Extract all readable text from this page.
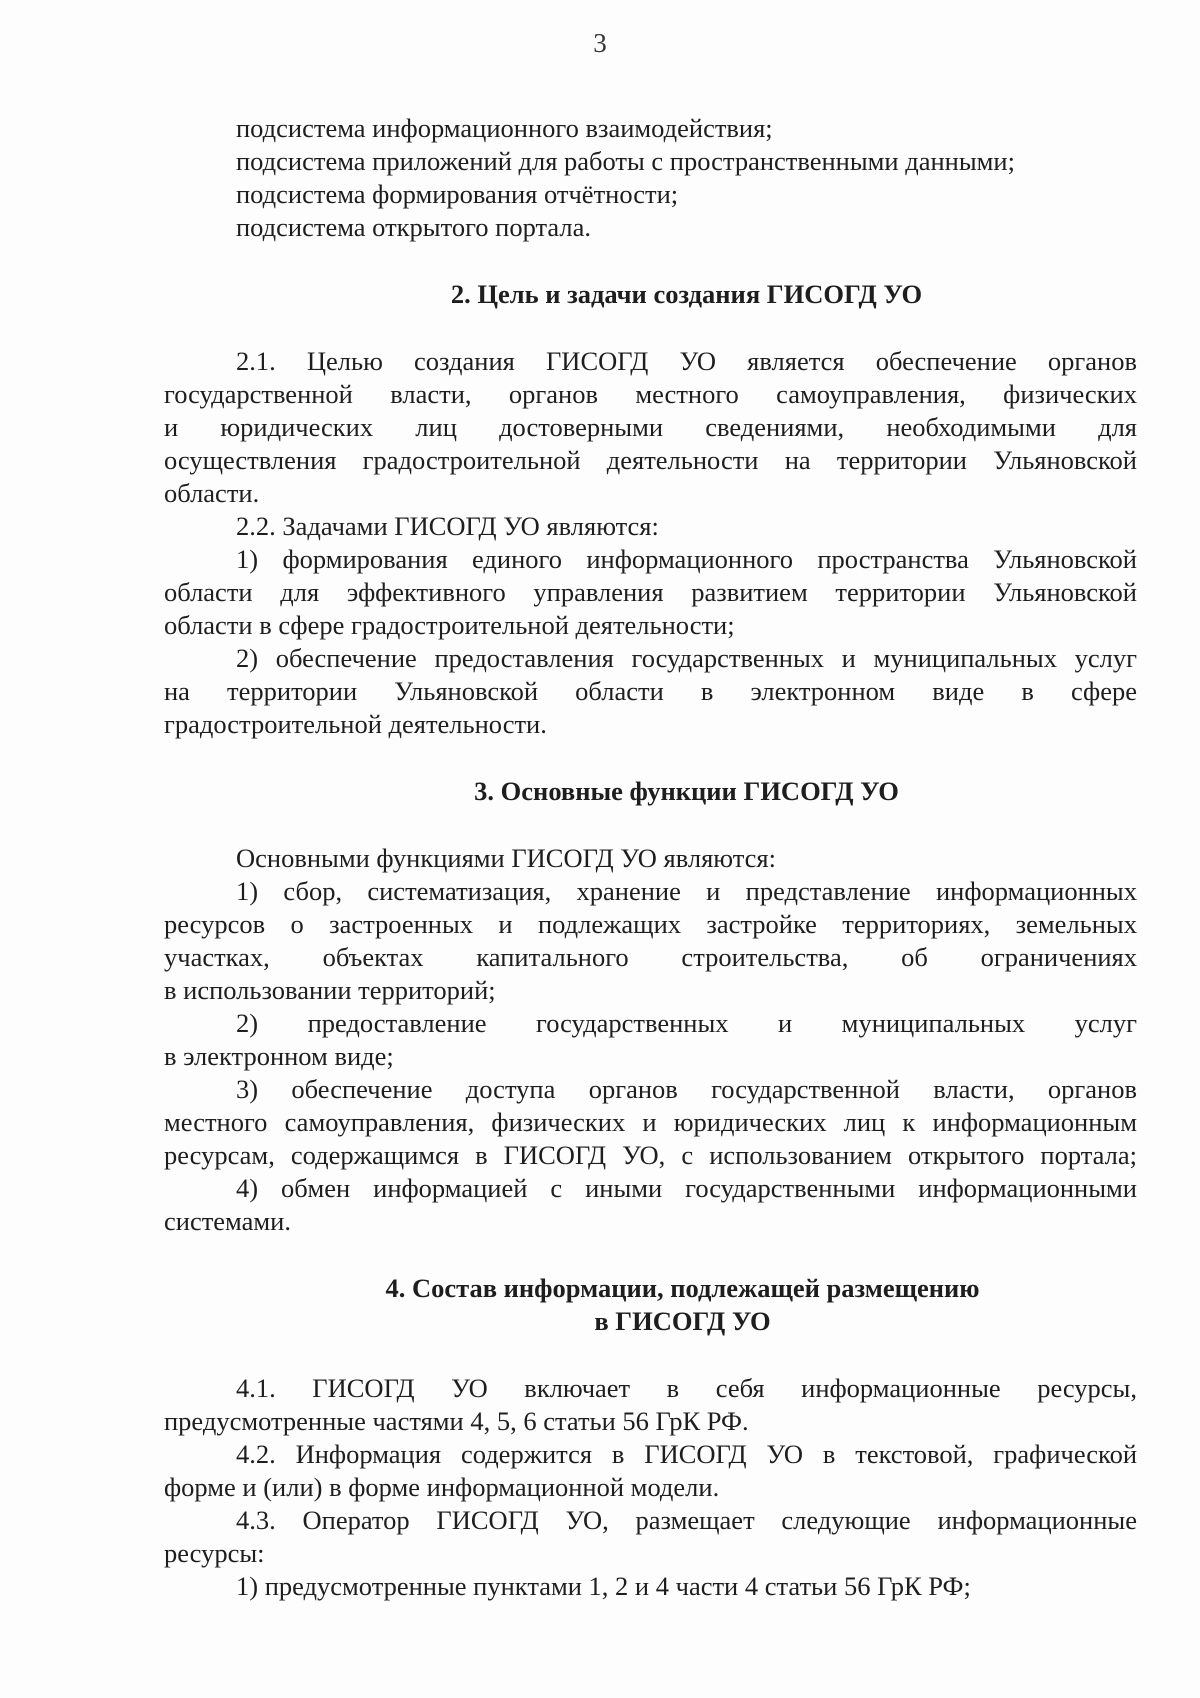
3

подсистема информационного взаимодействия;

подсистема приложений для работы с пространственными данными;

подсистема формирования отчётности;

подсистема открытого портала.

2. Цель и задачи создания ГИСОГД УО

2.1. Целью создания ГИСОГД УО является обеспечение органов

государственной власти, органов местного самоуправления, физических

и юридических лиц достоверными сведениями, необходимыми для

осуществления градостроительной деятельности на территории Ульяновской

области.

2.2. Задачами ГИСОГД УО являются:

1) формирования единого информационного пространства Ульяновской

области для эффективного управления развитием территории Ульяновской

области в сфере градостроительной деятельности;

2) обеспечение предоставления государственных и муниципальных услуг

на территории Ульяновской области в электронном виде в сфере

градостроительной деятельности.

3. Основные функции ГИСОГД УО

Основными функциями ГИСОГД УО являются:

1) сбор, систематизация, хранение и представление информационных

ресурсов о застроенных и подлежащих застройке территориях, земельных

участках, объектах капитального строительства, об ограничениях

в использовании территорий;

2) предоставление государственных и муниципальных услуг

в электронном виде;

3) обеспечение доступа органов государственной власти, органов

местного самоуправления, физических и юридических лиц к информационным

ресурсам, содержащимся в ГИСОГД УО, с использованием открытого портала;

4) обмен информацией с иными государственными информационными

системами.

4. Состав информации, подлежащей размещению

в ГИСОГД УО

4.1. ГИСОГД УО включает в себя информационные ресурсы,

предусмотренные частями 4, 5, 6 статьи 56 ГрК РФ.

4.2. Информация содержится в ГИСОГД УО в текстовой, графической

форме и (или) в форме информационной модели.

4.3. Оператор ГИСОГД УО, размещает следующие информационные

ресурсы:

1) предусмотренные пунктами 1, 2 и 4 части 4 статьи 56 ГрК РФ;
